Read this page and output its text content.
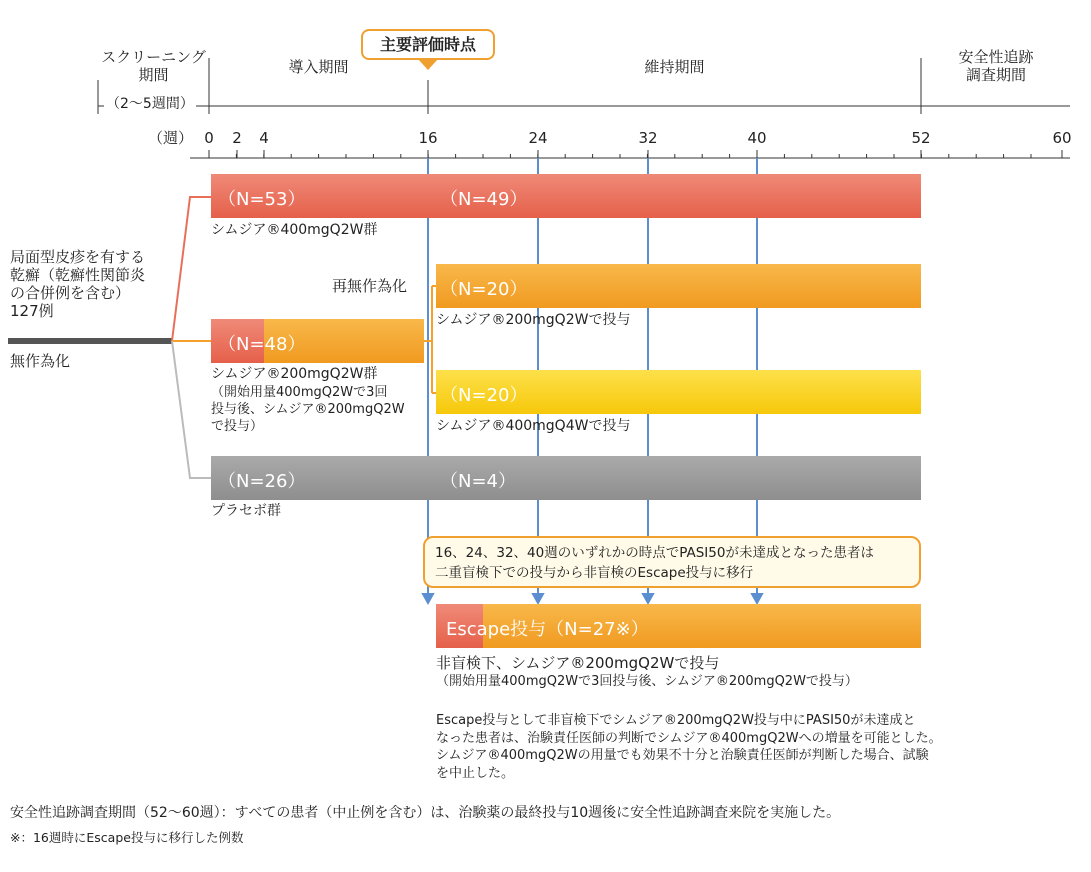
スクリーニング
期間	導入期間	維持期間
安全性追跡
調査期間
（2〜5週間）
主要評価時点
（週） 0 2 4	16	24	32	40	52	60
局面型皮疹を有する
乾癬（乾癬性関節炎
の合併例を含む）
127例
無作為化
（N=53）	（N=49）
シムジア®400mgQ2W群
（N=48）
シムジア®200mgQ2W群
（開始用量400mgQ2Wで3回
投与後、シムジア®200mgQ2W
で投与）
再無作為化 （N=20）
シムジア®200mgQ2Wで投与
（N=20）
シムジア®400mgQ4Wで投与
（N=26）	（N=4）
プラセボ群
16、24、32、40週のいずれかの時点でPASI50が未達成となった患者は
二重盲検下での投与から非盲検のEscape投与に移行
Escape投与（N=27※）
非盲検下、シムジア®200mgQ2Wで投与
（開始用量400mgQ2Wで3回投与後、シムジア®200mgQ2Wで投与）
Escape投与として非盲検下でシムジア®200mgQ2W投与中にPASI50が未達成と
なった患者は、治験責任医師の判断でシムジア®400mgQ2Wへの増量を可能とした。
シムジア®400mgQ2Wの用量でも効果不十分と治験責任医師が判断した場合、試験
を中止した。
安全性追跡調査期間（52〜60週）：すべての患者（中止例を含む）は、治験薬の最終投与10週後に安全性追跡調査来院を実施した。
※：16週時にEscape投与に移行した例数
